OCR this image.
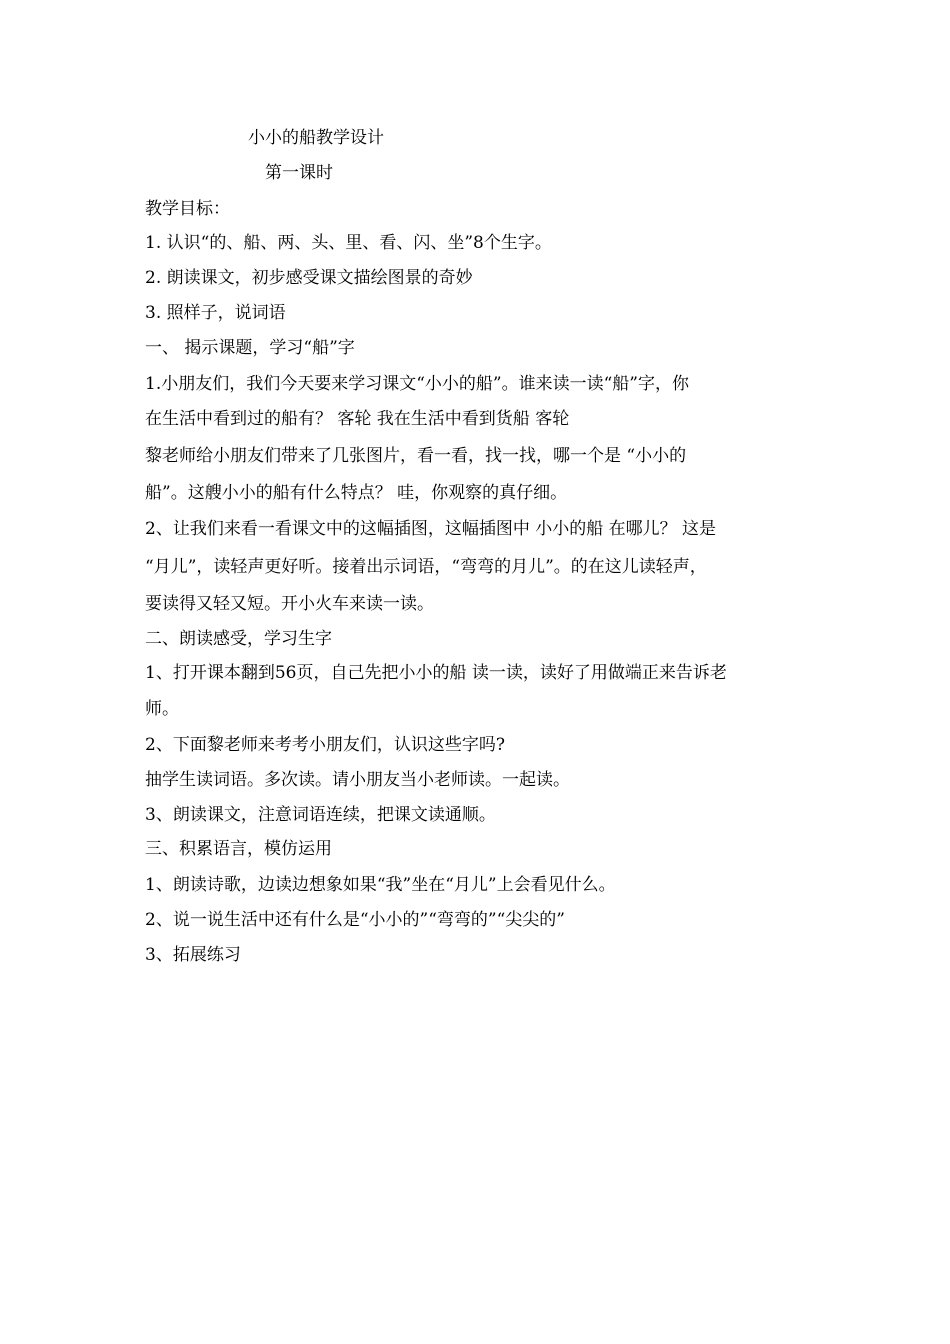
小小的船教学设计
第一课时
教学目标：
1. 认识“的、船、两、头、里、看、闪、坐”8个生字。
2. 朗读课文，初步感受课文描绘图景的奇妙
3. 照样子，说词语
一、 揭示课题，学习“船”字
1.小朋友们，我们今天要来学习课文“小小的船”。谁来读一读“船”字，你
在生活中看到过的船有？ 客轮 我在生活中看到货船 客轮
黎老师给小朋友们带来了几张图片，看一看，找一找，哪一个是 “小小的
船”。这艘小小的船有什么特点？ 哇，你观察的真仔细。
2、让我们来看一看课文中的这幅插图，这幅插图中 小小的船 在哪儿？ 这是
“月儿”，读轻声更好听。接着出示词语，“弯弯的月儿”。的在这儿读轻声，
要读得又轻又短。开小火车来读一读。
二、朗读感受，学习生字
1、打开课本翻到56页，自己先把小小的船 读一读，读好了用做端正来告诉老
师。
2、下面黎老师来考考小朋友们，认识这些字吗?
抽学生读词语。多次读。请小朋友当小老师读。一起读。
3、朗读课文，注意词语连续，把课文读通顺。
三、积累语言，模仿运用
1、朗读诗歌，边读边想象如果“我”坐在“月儿”上会看见什么。
2、说一说生活中还有什么是“小小的”“弯弯的”“尖尖的”
3、拓展练习
